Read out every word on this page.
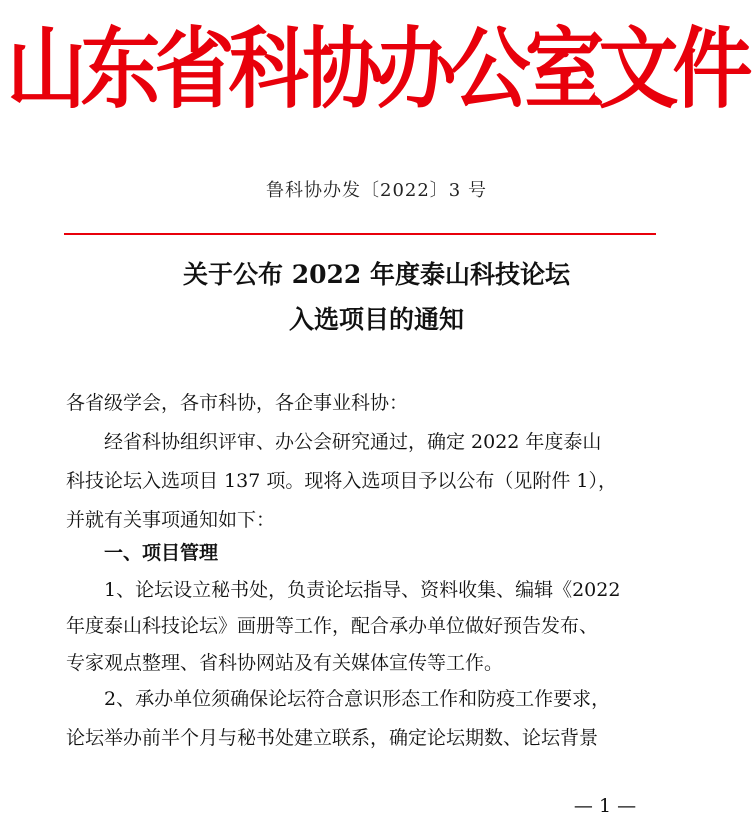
山东省科协办公室文件
鲁科协办发〔2022〕3 号
关于公布 2022 年度泰山科技论坛
入选项目的通知
各省级学会，各市科协，各企事业科协：
经省科协组织评审、办公会研究通过，确定 2022 年度泰山
科技论坛入选项目 137 项。现将入选项目予以公布（见附件 1），
并就有关事项通知如下：
一、项目管理
1、论坛设立秘书处，负责论坛指导、资料收集、编辑《2022
年度泰山科技论坛》画册等工作，配合承办单位做好预告发布、
专家观点整理、省科协网站及有关媒体宣传等工作。
2、承办单位须确保论坛符合意识形态工作和防疫工作要求，
论坛举办前半个月与秘书处建立联系，确定论坛期数、论坛背景
— 1 —
